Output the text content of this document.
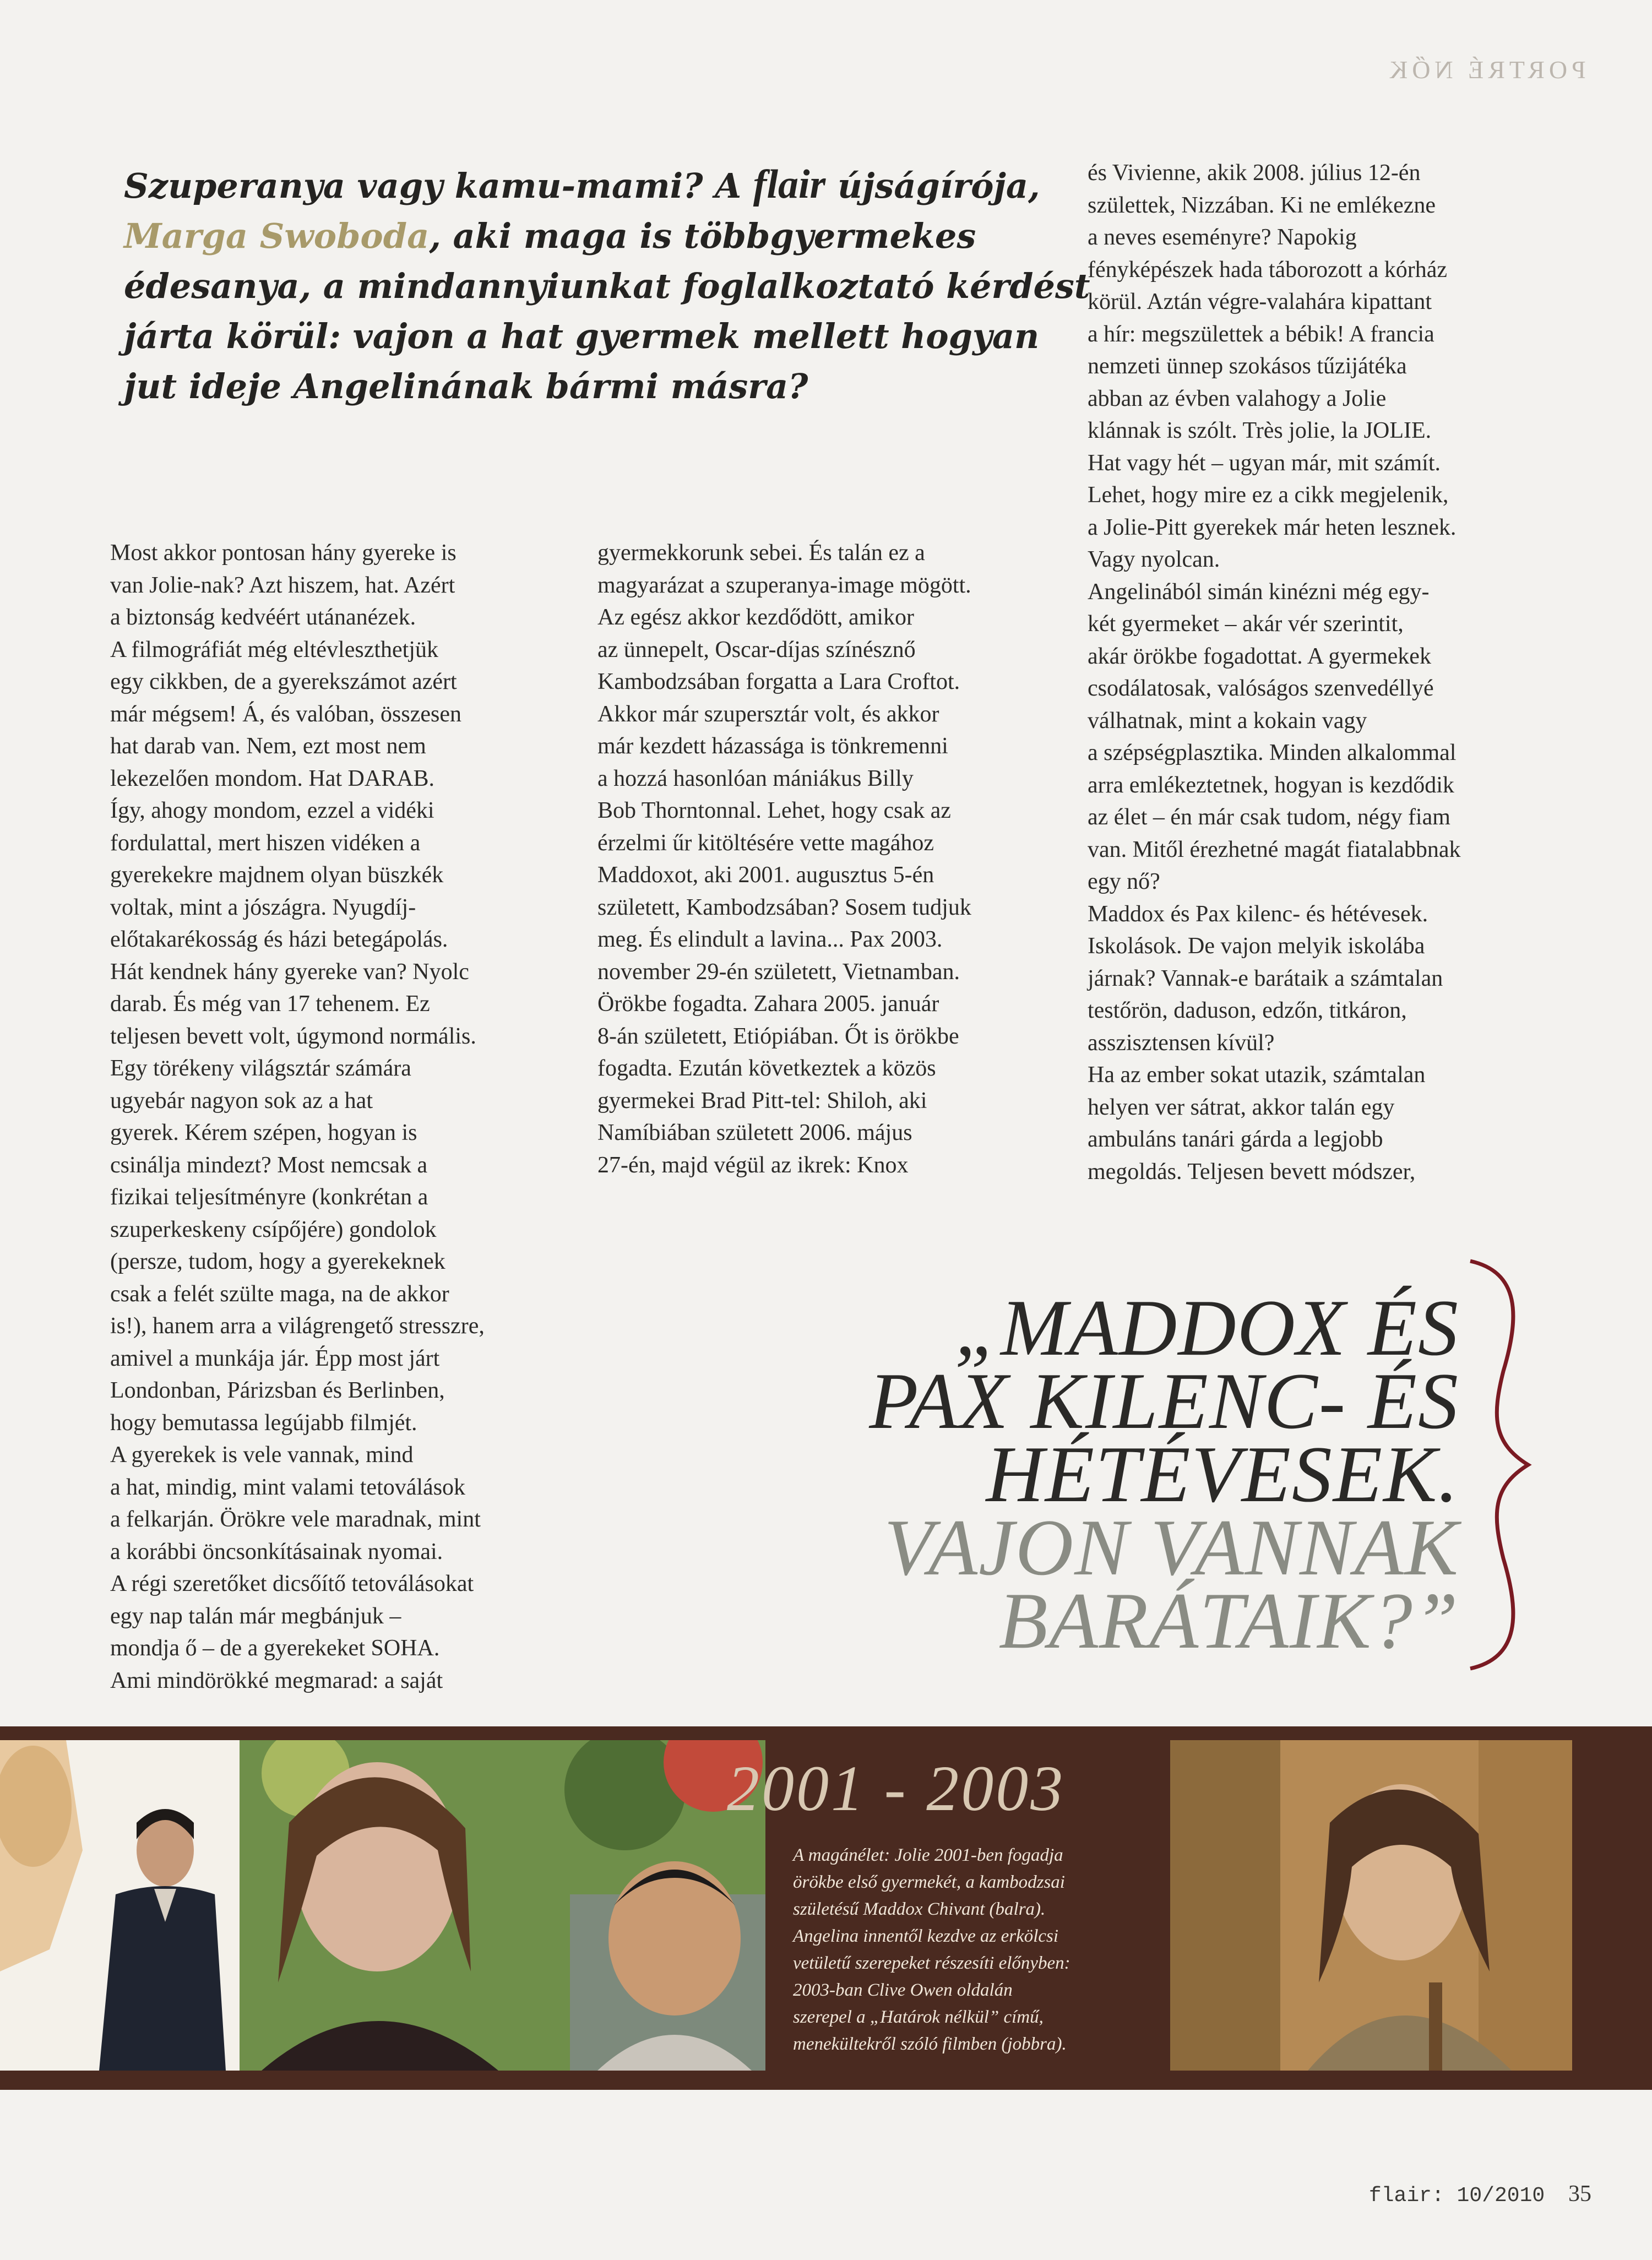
PORTRÉ NŐK
Szuperanya vagy kamu-mami? A flair újságírója, Marga Swoboda, aki maga is többgyermekes édesanya, a mindannyiunkat foglalkoztató kérdést járta körül: vajon a hat gyermek mellett hogyan jut ideje Angelinának bármi másra?
Most akkor pontosan hány gyereke is
van Jolie-nak? Azt hiszem, hat. Azért
a biztonság kedvéért utánanézek.
A filmográfiát még eltévleszthetjük
egy cikkben, de a gyerekszámot azért
már mégsem! Á, és valóban, összesen
hat darab van. Nem, ezt most nem
lekezelően mondom. Hat DARAB.
Így, ahogy mondom, ezzel a vidéki
fordulattal, mert hiszen vidéken a
gyerekekre majdnem olyan büszkék
voltak, mint a jószágra. Nyugdíj-
előtakarékosság és házi betegápolás.
Hát kendnek hány gyereke van? Nyolc
darab. És még van 17 tehenem. Ez
teljesen bevett volt, úgymond normális.
Egy törékeny világsztár számára
ugyebár nagyon sok az a hat
gyerek. Kérem szépen, hogyan is
csinálja mindezt? Most nemcsak a
fizikai teljesítményre (konkrétan a
szuperkeskeny csípőjére) gondolok
(persze, tudom, hogy a gyerekeknek
csak a felét szülte maga, na de akkor
is!), hanem arra a világrengető stresszre,
amivel a munkája jár. Épp most járt
Londonban, Párizsban és Berlinben,
hogy bemutassa legújabb filmjét.
A gyerekek is vele vannak, mind
a hat, mindig, mint valami tetoválások
a felkarján. Örökre vele maradnak, mint
a korábbi öncsonkításainak nyomai.
A régi szeretőket dicsőítő tetoválásokat
egy nap talán már megbánjuk –
mondja ő – de a gyerekeket SOHA.
Ami mindörökké megmarad: a saját
gyermekkorunk sebei. És talán ez a
magyarázat a szuperanya-image mögött.
Az egész akkor kezdődött, amikor
az ünnepelt, Oscar-díjas színésznő
Kambodzsában forgatta a Lara Croftot.
Akkor már szupersztár volt, és akkor
már kezdett házassága is tönkremenni
a hozzá hasonlóan mániákus Billy
Bob Thorntonnal. Lehet, hogy csak az
érzelmi űr kitöltésére vette magához
Maddoxot, aki 2001. augusztus 5-én
született, Kambodzsában? Sosem tudjuk
meg. És elindult a lavina... Pax 2003.
november 29-én született, Vietnamban.
Örökbe fogadta. Zahara 2005. január
8-án született, Etiópiában. Őt is örökbe
fogadta. Ezután következtek a közös
gyermekei Brad Pitt-tel: Shiloh, aki
Namíbiában született 2006. május
27-én, majd végül az ikrek: Knox
és Vivienne, akik 2008. július 12-én
születtek, Nizzában. Ki ne emlékezne
a neves eseményre? Napokig
fényképészek hada táborozott a kórház
körül. Aztán végre-valahára kipattant
a hír: megszülettek a bébik! A francia
nemzeti ünnep szokásos tűzijátéka
abban az évben valahogy a Jolie
klánnak is szólt. Très jolie, la JOLIE.
Hat vagy hét – ugyan már, mit számít.
Lehet, hogy mire ez a cikk megjelenik,
a Jolie-Pitt gyerekek már heten lesznek.
Vagy nyolcan.
Angelinából simán kinézni még egy-
két gyermeket – akár vér szerintit,
akár örökbe fogadottat. A gyermekek
csodálatosak, valóságos szenvedéllyé
válhatnak, mint a kokain vagy
a szépségplasztika. Minden alkalommal
arra emlékeztetnek, hogyan is kezdődik
az élet – én már csak tudom, négy fiam
van. Mitől érezhetné magát fiatalabbnak
egy nő?
Maddox és Pax kilenc- és hétévesek.
Iskolások. De vajon melyik iskolába
járnak? Vannak-e barátaik a számtalan
testőrön, daduson, edzőn, titkáron,
asszisztensen kívül?
Ha az ember sokat utazik, számtalan
helyen ver sátrat, akkor talán egy
ambuláns tanári gárda a legjobb
megoldás. Teljesen bevett módszer,
„MADDOX ÉS
PAX KILENC- ÉS
HÉTÉVESEK.
VAJON VANNAK
BARÁTAIK?”
2001 - 2003
A magánélet: Jolie 2001-ben fogadja
örökbe első gyermekét, a kambodzsai
születésű Maddox Chivant (balra).
Angelina innentől kezdve az erkölcsi
vetületű szerepeket részesíti előnyben:
2003-ban Clive Owen oldalán
szerepel a „Határok nélkül” című,
menekültekről szóló filmben (jobbra).
flair: 10/2010 35
